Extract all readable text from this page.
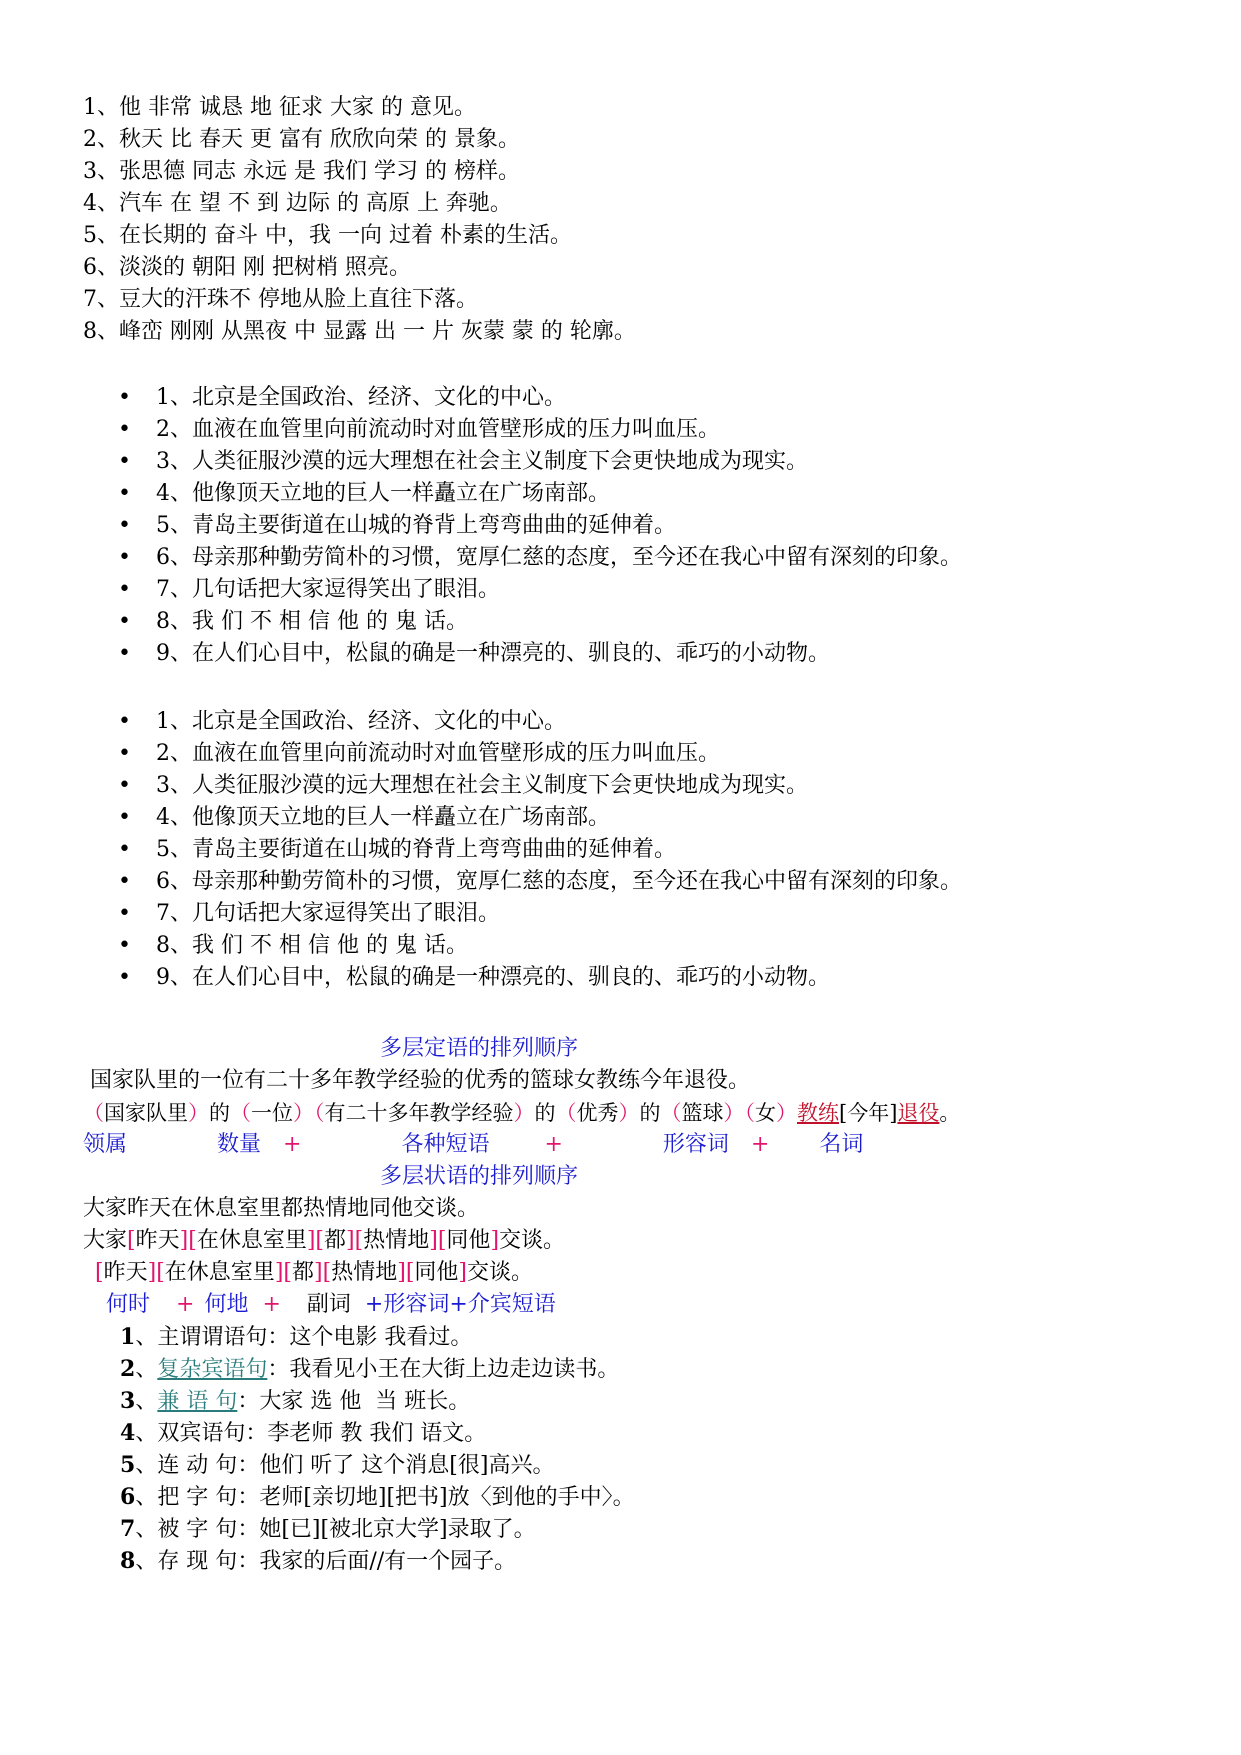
1、他 非常 诚恳 地 征求 大家 的 意见。
2、秋天 比 春天 更 富有 欣欣向荣 的 景象。
3、张思德 同志 永远 是 我们 学习 的 榜样。
4、汽车 在 望 不 到 边际 的 高原 上 奔驰。
5、在长期的 奋斗 中，我 一向 过着 朴素的生活。
6、淡淡的 朝阳 刚 把树梢 照亮。
7、豆大的汗珠不 停地从脸上直往下落。
8、峰峦 刚刚 从黑夜 中 显露 出 一 片 灰蒙 蒙 的 轮廓。
• 1、北京是全国政治、经济、文化的中心。
• 2、血液在血管里向前流动时对血管壁形成的压力叫血压。
• 3、人类征服沙漠的远大理想在社会主义制度下会更快地成为现实。
• 4、他像顶天立地的巨人一样矗立在广场南部。
• 5、青岛主要街道在山城的脊背上弯弯曲曲的延伸着。
• 6、母亲那种勤劳简朴的习惯，宽厚仁慈的态度，至今还在我心中留有深刻的印象。
• 7、几句话把大家逗得笑出了眼泪。
• 8、我 们 不 相 信 他 的 鬼 话。
• 9、在人们心目中，松鼠的确是一种漂亮的、驯良的、乖巧的小动物。
• 1、北京是全国政治、经济、文化的中心。
• 2、血液在血管里向前流动时对血管壁形成的压力叫血压。
• 3、人类征服沙漠的远大理想在社会主义制度下会更快地成为现实。
• 4、他像顶天立地的巨人一样矗立在广场南部。
• 5、青岛主要街道在山城的脊背上弯弯曲曲的延伸着。
• 6、母亲那种勤劳简朴的习惯，宽厚仁慈的态度，至今还在我心中留有深刻的印象。
• 7、几句话把大家逗得笑出了眼泪。
• 8、我 们 不 相 信 他 的 鬼 话。
• 9、在人们心目中，松鼠的确是一种漂亮的、驯良的、乖巧的小动物。
多层定语的排列顺序
国家队里的一位有二十多年教学经验的优秀的篮球女教练今年退役。
（国家队里）的（一位）（有二十多年教学经验）的（优秀）的（篮球）（女）教练[今年]退役。
领属	数量 +	各种短语	+	形容词 + 名词
多层状语的排列顺序
大家昨天在休息室里都热情地同他交谈。
大家[昨天][在休息室里][都][热情地][同他]交谈。
[昨天][在休息室里][都][热情地][同他]交谈。
何时 + 何地 + 副词 +形容词+介宾短语
1、主谓谓语句：这个电影 我看过。
2、复杂宾语句：我看见小王在大街上边走边读书。
3、兼 语 句：大家 选 他  当 班长。
4、双宾语句：李老师 教 我们 语文。
5、连 动 句：他们 听了 这个消息[很]高兴。
6、把 字 句：老师[亲切地][把书]放〈到他的手中〉。
7、被 字 句：她[已][被北京大学]录取了。
8、存 现 句：我家的后面//有一个园子。
